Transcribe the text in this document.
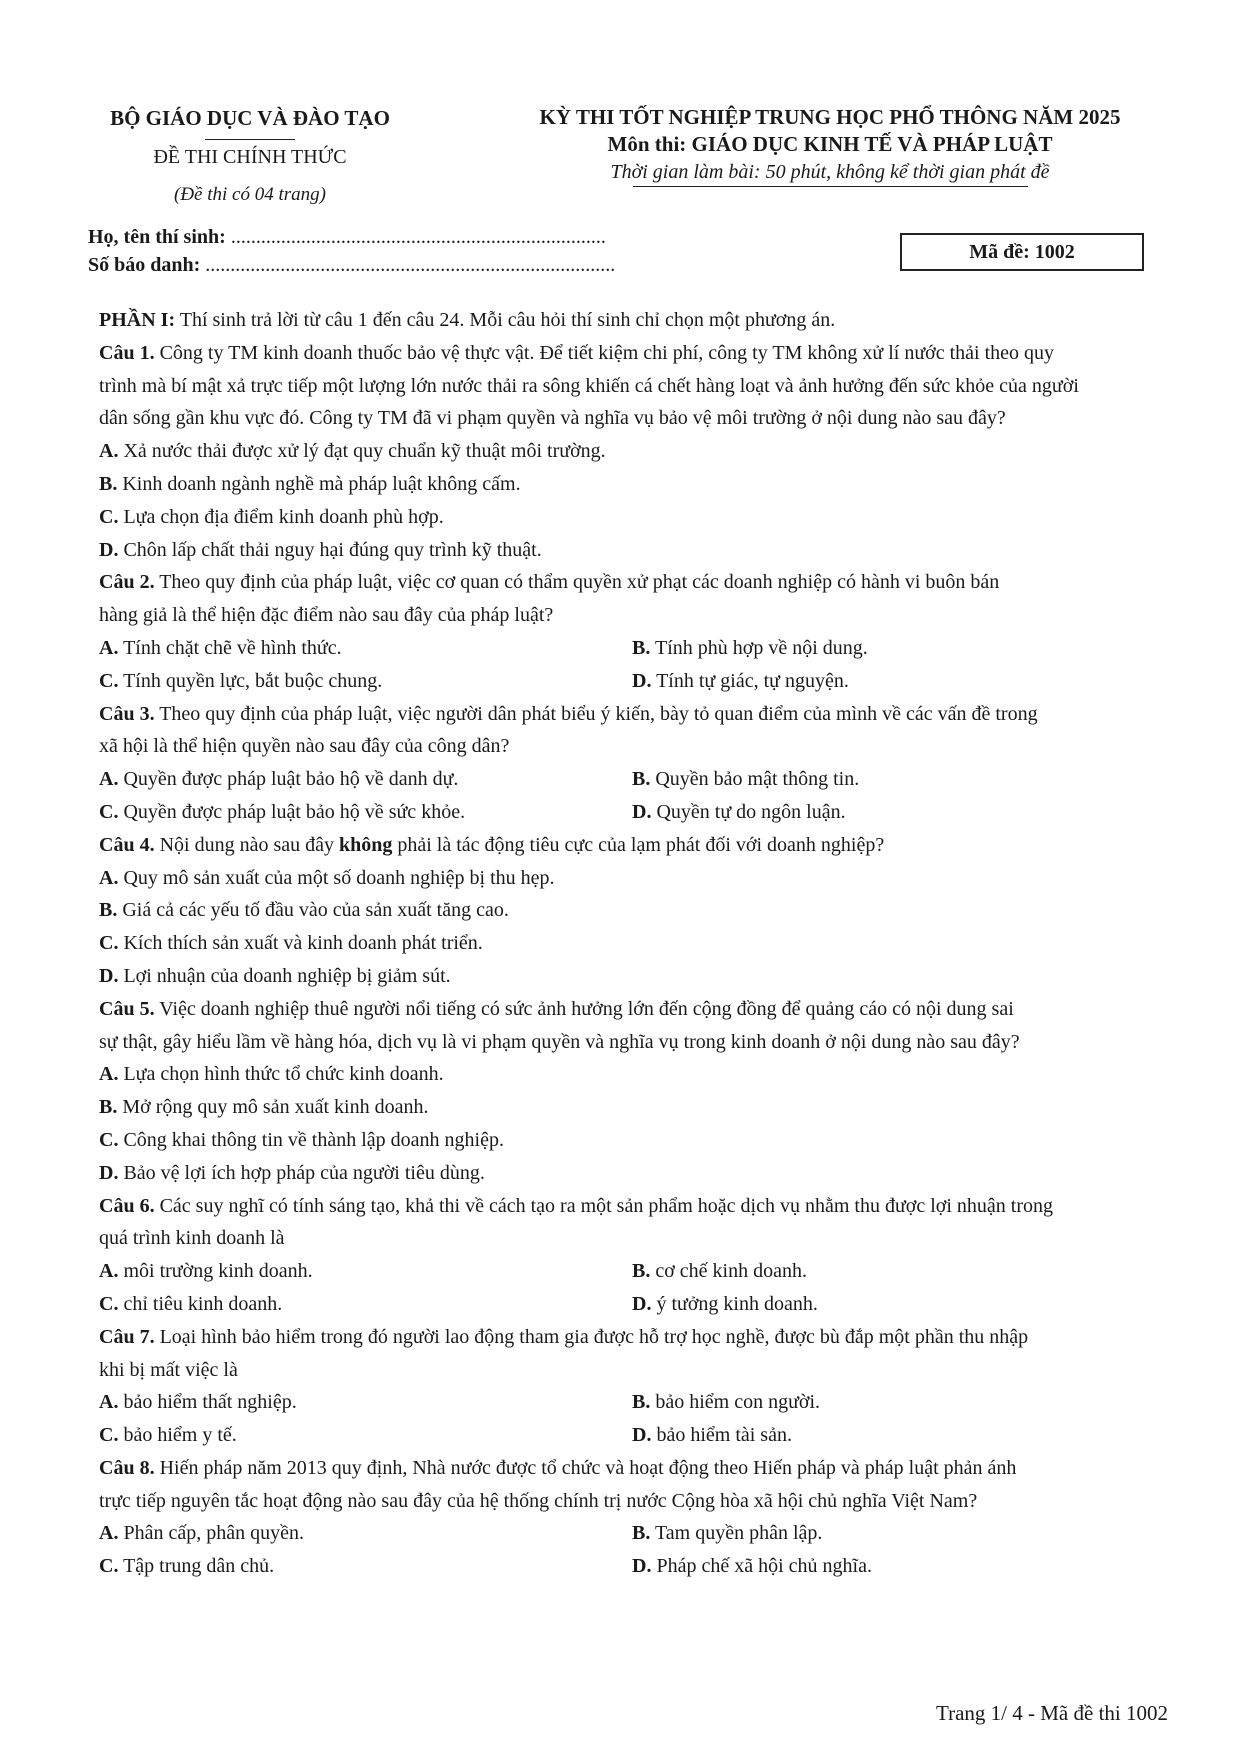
BỘ GIÁO DỤC VÀ ĐÀO TẠO
ĐỀ THI CHÍNH THỨC
(Đề thi có 04 trang)
KỲ THI TỐT NGHIỆP TRUNG HỌC PHỔ THÔNG NĂM 2025
Môn thi: GIÁO DỤC KINH TẾ VÀ PHÁP LUẬT
Thời gian làm bài: 50 phút, không kể thời gian phát đề
Họ, tên thí sinh: ...........................................................................
Số báo danh: ..................................................................................
Mã đề: 1002

PHẦN I: Thí sinh trả lời từ câu 1 đến câu 24. Mỗi câu hỏi thí sinh chỉ chọn một phương án.

Câu 1. Công ty TM kinh doanh thuốc bảo vệ thực vật. Để tiết kiệm chi phí, công ty TM không xử lí nước thải theo quy

trình mà bí mật xả trực tiếp một lượng lớn nước thải ra sông khiến cá chết hàng loạt và ảnh hưởng đến sức khỏe của người

dân sống gần khu vực đó. Công ty TM đã vi phạm quyền và nghĩa vụ bảo vệ môi trường ở nội dung nào sau đây?

A. Xả nước thải được xử lý đạt quy chuẩn kỹ thuật môi trường.

B. Kinh doanh ngành nghề mà pháp luật không cấm.

C. Lựa chọn địa điểm kinh doanh phù hợp.

D. Chôn lấp chất thải nguy hại đúng quy trình kỹ thuật.

Câu 2. Theo quy định của pháp luật, việc cơ quan có thẩm quyền xử phạt các doanh nghiệp có hành vi buôn bán

hàng giả là thể hiện đặc điểm nào sau đây của pháp luật?

A. Tính chặt chẽ về hình thức.	B. Tính phù hợp về nội dung.
C. Tính quyền lực, bắt buộc chung.	D. Tính tự giác, tự nguyện.

Câu 3. Theo quy định của pháp luật, việc người dân phát biểu ý kiến, bày tỏ quan điểm của mình về các vấn đề trong

xã hội là thể hiện quyền nào sau đây của công dân?

A. Quyền được pháp luật bảo hộ về danh dự.	B. Quyền bảo mật thông tin.
C. Quyền được pháp luật bảo hộ về sức khỏe.	D. Quyền tự do ngôn luận.

Câu 4. Nội dung nào sau đây không phải là tác động tiêu cực của lạm phát đối với doanh nghiệp?

A. Quy mô sản xuất của một số doanh nghiệp bị thu hẹp.

B. Giá cả các yếu tố đầu vào của sản xuất tăng cao.

C. Kích thích sản xuất và kinh doanh phát triển.

D. Lợi nhuận của doanh nghiệp bị giảm sút.

Câu 5. Việc doanh nghiệp thuê người nổi tiếng có sức ảnh hưởng lớn đến cộng đồng để quảng cáo có nội dung sai

sự thật, gây hiểu lầm về hàng hóa, dịch vụ là vi phạm quyền và nghĩa vụ trong kinh doanh ở nội dung nào sau đây?

A. Lựa chọn hình thức tổ chức kinh doanh.

B. Mở rộng quy mô sản xuất kinh doanh.

C. Công khai thông tin về thành lập doanh nghiệp.

D. Bảo vệ lợi ích hợp pháp của người tiêu dùng.

Câu 6. Các suy nghĩ có tính sáng tạo, khả thi về cách tạo ra một sản phẩm hoặc dịch vụ nhằm thu được lợi nhuận trong

quá trình kinh doanh là

A. môi trường kinh doanh.	B. cơ chế kinh doanh.
C. chỉ tiêu kinh doanh.	D. ý tưởng kinh doanh.

Câu 7. Loại hình bảo hiểm trong đó người lao động tham gia được hỗ trợ học nghề, được bù đắp một phần thu nhập

khi bị mất việc là

A. bảo hiểm thất nghiệp.	B. bảo hiểm con người.
C. bảo hiểm y tế.	D. bảo hiểm tài sản.

Câu 8. Hiến pháp năm 2013 quy định, Nhà nước được tổ chức và hoạt động theo Hiến pháp và pháp luật phản ánh

trực tiếp nguyên tắc hoạt động nào sau đây của hệ thống chính trị nước Cộng hòa xã hội chủ nghĩa Việt Nam?

A. Phân cấp, phân quyền.	B. Tam quyền phân lập.
C. Tập trung dân chủ.	D. Pháp chế xã hội chủ nghĩa.
Trang 1/ 4 - Mã đề thi 1002
